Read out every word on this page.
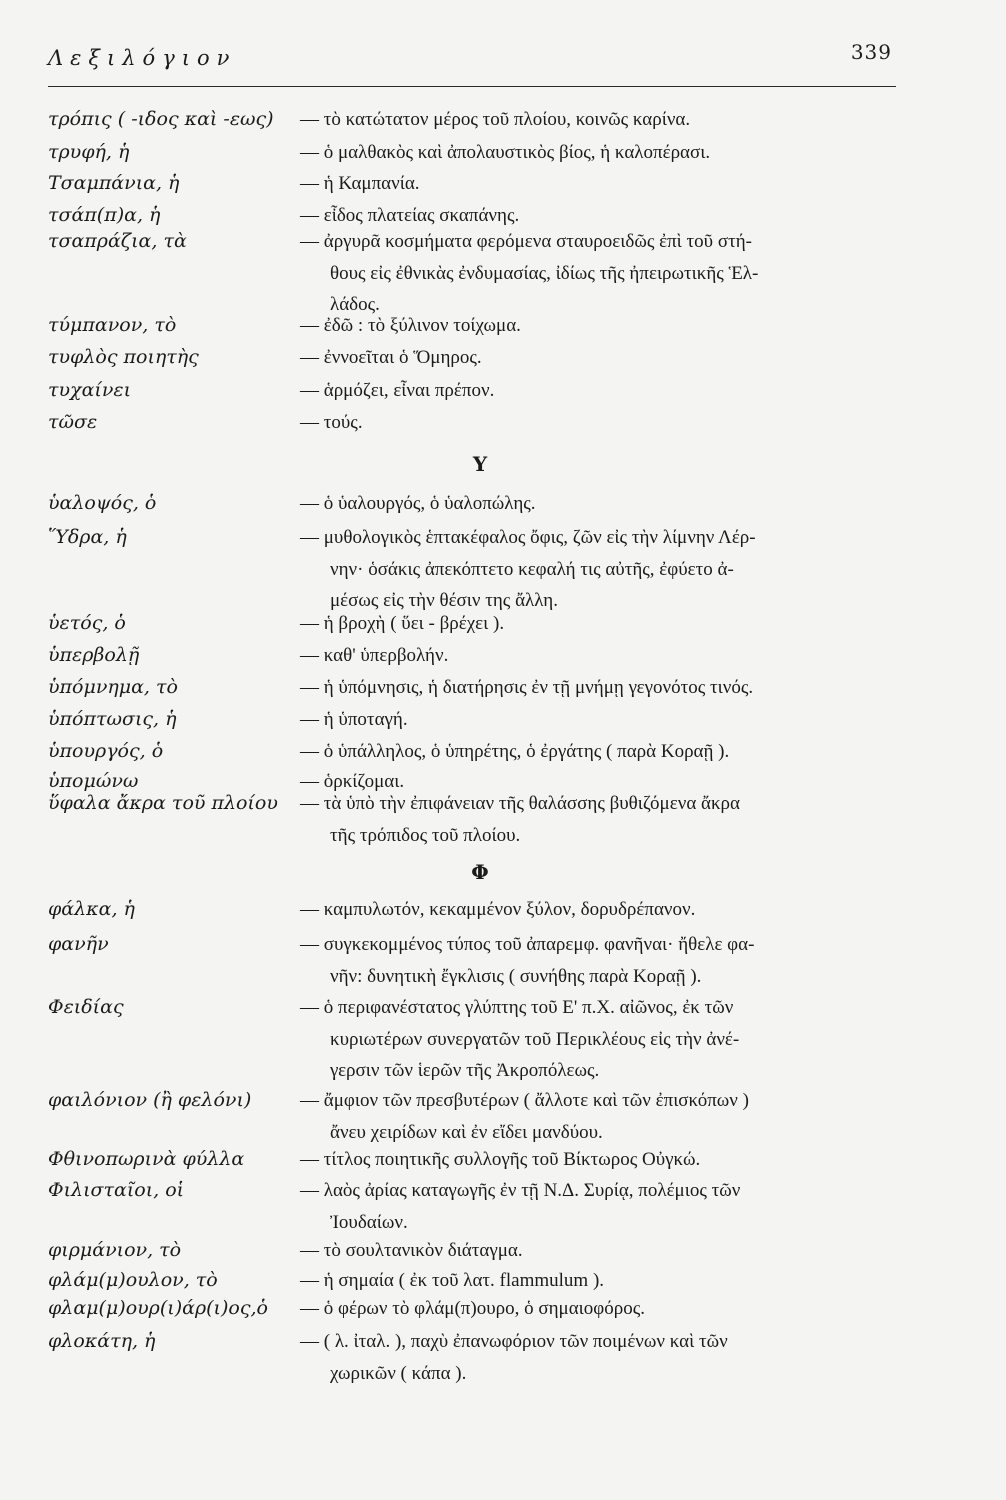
Λεξιλόγιον	339
Υ
Φ
τρόπις ( -ιδος καὶ -εως) — τὸ κατώτατον μέρος τοῦ πλοίου, κοινῶς καρίνα.
τρυφή, ἡ	— ὁ μαλθακὸς καὶ ἀπολαυστικὸς βίος, ἡ καλοπέρασι.
Τσαμπάνια, ἡ	— ἡ Καμπανία.
τσάπ(π)α, ἡ	— εἶδος πλατείας σκαπάνης.
τσαπράζια, τὰ	— ἀργυρᾶ κοσμήματα φερόμενα σταυροειδῶς ἐπὶ τοῦ στή-
θους εἰς ἐθνικὰς ἐνδυμασίας, ἰδίως τῆς ἠπειρωτικῆς Ἑλ-
λάδος.
τύμπανον, τὸ	— ἐδῶ : τὸ ξύλινον τοίχωμα.
τυφλὸς ποιητὴς	— ἐννοεῖται ὁ Ὅμηρος.
τυχαίνει	— ἁρμόζει, εἶναι πρέπον.
τῶσε	— τούς.
ὑαλοψός, ὁ	— ὁ ὑαλουργός, ὁ ὑαλοπώλης.
Ὕδρα, ἡ	— μυθολογικὸς ἑπτακέφαλος ὄφις, ζῶν εἰς τὴν λίμνην Λέρ-
νην· ὁσάκις ἀπεκόπτετο κεφαλή τις αὐτῆς, ἐφύετο ἀ-
μέσως εἰς τὴν θέσιν της ἄλλη.
ὑετός, ὁ	— ἡ βροχὴ ( ὕει - βρέχει ).
ὑπερβολῇ	— καθ' ὑπερβολήν.
ὑπόμνημα, τὸ	— ἡ ὑπόμνησις, ἡ διατήρησις ἐν τῇ μνήμῃ γεγονότος τινός.
ὑπόπτωσις, ἡ	— ἡ ὑποταγή.
ὑπουργός, ὁ	— ὁ ὑπάλληλος, ὁ ὑπηρέτης, ὁ ἐργάτης ( παρὰ Κοραῇ ).
ὑπομώνω	— ὁρκίζομαι.
ὕφαλα ἄκρα τοῦ πλοίου — τὰ ὑπὸ τὴν ἐπιφάνειαν τῆς θαλάσσης βυθιζόμενα ἄκρα
τῆς τρόπιδος τοῦ πλοίου.
φάλκα, ἡ	— καμπυλωτόν, κεκαμμένον ξύλον, δορυδρέπανον.
φανῆν	— συγκεκομμένος τύπος τοῦ ἀπαρεμφ. φανῆναι· ἤθελε φα-
νῆν: δυνητικὴ ἔγκλισις ( συνήθης παρὰ Κοραῇ ).
Φειδίας	— ὁ περιφανέστατος γλύπτης τοῦ Ε' π.Χ. αἰῶνος, ἐκ τῶν
κυριωτέρων συνεργατῶν τοῦ Περικλέους εἰς τὴν ἀνέ-
γερσιν τῶν ἱερῶν τῆς Ἀκροπόλεως.
φαιλόνιον (ἢ φελόνι)	— ἄμφιον τῶν πρεσβυτέρων ( ἄλλοτε καὶ τῶν ἐπισκόπων )
ἄνευ χειρίδων καὶ ἐν εἴδει μανδύου.
Φθινοπωρινὰ φύλλα	— τίτλος ποιητικῆς συλλογῆς τοῦ Βίκτωρος Οὐγκώ.
Φιλισταῖοι, οἱ	— λαὸς ἀρίας καταγωγῆς ἐν τῇ Ν.Δ. Συρίᾳ, πολέμιος τῶν
Ἰουδαίων.
φιρμάνιον, τὸ	— τὸ σουλτανικὸν διάταγμα.
φλάμ(μ)ουλον, τὸ	— ἡ σημαία ( ἐκ τοῦ λατ. flammulum ).
φλαμ(μ)ουρ(ι)άρ(ι)ος,ὁ — ὁ φέρων τὸ φλάμ(π)ουρο, ὁ σημαιοφόρος.
φλοκάτη, ἡ	— ( λ. ἰταλ. ), παχὺ ἐπανωφόριον τῶν ποιμένων καὶ τῶν
χωρικῶν ( κάπα ).
